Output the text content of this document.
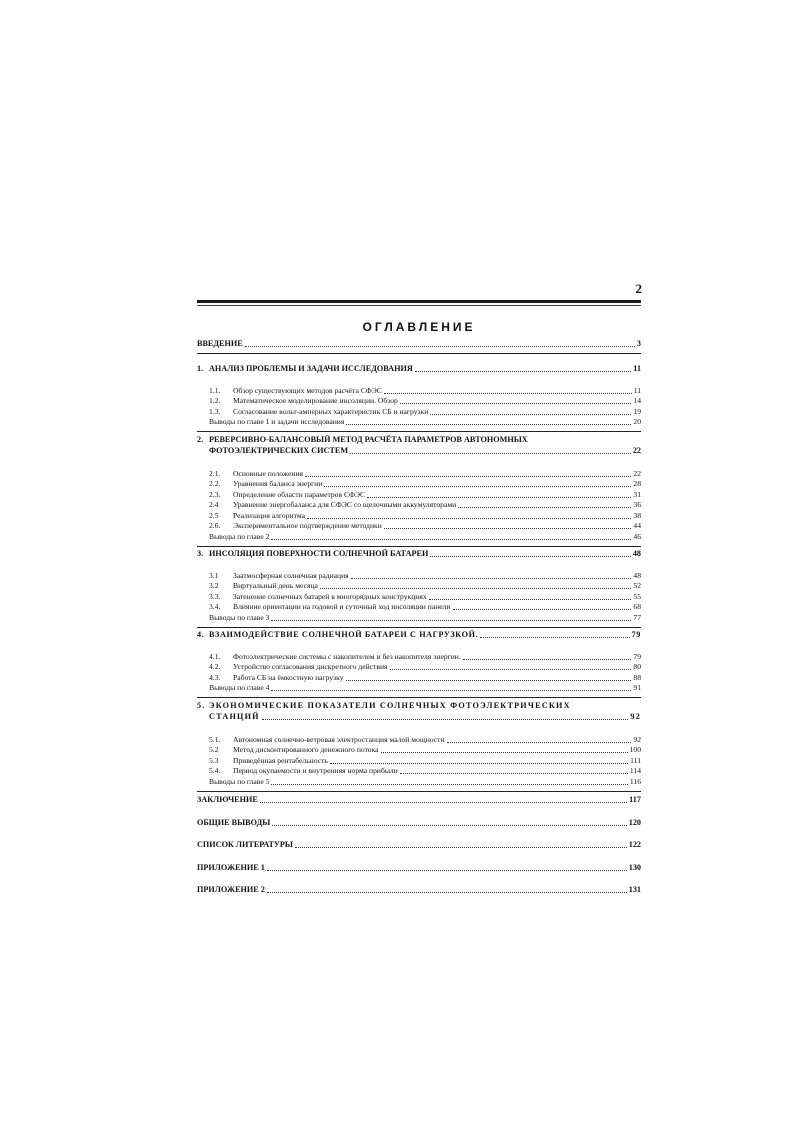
2
ОГЛАВЛЕНИЕ
ВВЕДЕНИЕ	3
1. АНАЛИЗ ПРОБЛЕМЫ И ЗАДАЧИ ИССЛЕДОВАНИЯ	11
1.1.	Обзор существующих методов расчёта СФЭС	11
1.2.	Математическое моделирование инсоляции. Обзор	14
1.3.	Согласование вольт-амперных характеристик СБ и нагрузки	19
Выводы по главе 1 и задачи исследования	20
2. РЕВЕРСИВНО-БАЛАНСОВЫЙ МЕТОД РАСЧЁТА ПАРАМЕТРОВ АВТОНОМНЫХ
ФОТОЭЛЕКТРИЧЕСКИХ СИСТЕМ	22
2.1.	Основные положения	22
2.2.	Уравнения баланса энергии	28
2.3.	Определение области параметров СФЭС	31
2.4	Уравнение энергобаланса для СФЭС со щелочными аккумуляторами	36
2.5	Реализация алгоритма	38
2.6.	Экспериментальное подтверждение методики	44
Выводы по главе 2	46
3. ИНСОЛЯЦИЯ ПОВЕРХНОСТИ СОЛНЕЧНОЙ БАТАРЕИ	48
3.1	Заатмосферная солнечная радиация	48
3.2	Виртуальный день месяца	52
3.3.	Затенение солнечных батарей в многорядных конструкциях	55
3.4.	Влияние ориентации на годовой и суточный ход инсоляции панели	68
Выводы по главе 3	77
4. ВЗАИМОДЕЙСТВИЕ СОЛНЕЧНОЙ БАТАРЕИ С НАГРУЗКОЙ.	79
4.1.	Фотоэлектрические системы с накопителем и без накопителя энергии.	79
4.2.	Устройство согласования дискретного действия	80
4.3.	Работа СБ на ёмкостную нагрузку	88
Выводы по главе 4	91
5. ЭКОНОМИЧЕСКИЕ ПОКАЗАТЕЛИ СОЛНЕЧНЫХ ФОТОЭЛЕКТРИЧЕСКИХ
СТАНЦИЙ	92
5.1.	Автономная солнечно-ветровая электростанция малой мощности	92
5.2	Метод дисконтированного денежного потока	100
5.3	Приведённая рентабельность	111
5.4.	Период окупаемости и внутренняя норма прибыли	114
Выводы по главе 5	116
ЗАКЛЮЧЕНИЕ	117
ОБЩИЕ ВЫВОДЫ	120
СПИСОК ЛИТЕРАТУРЫ	122
ПРИЛОЖЕНИЕ 1	130
ПРИЛОЖЕНИЕ 2	131
